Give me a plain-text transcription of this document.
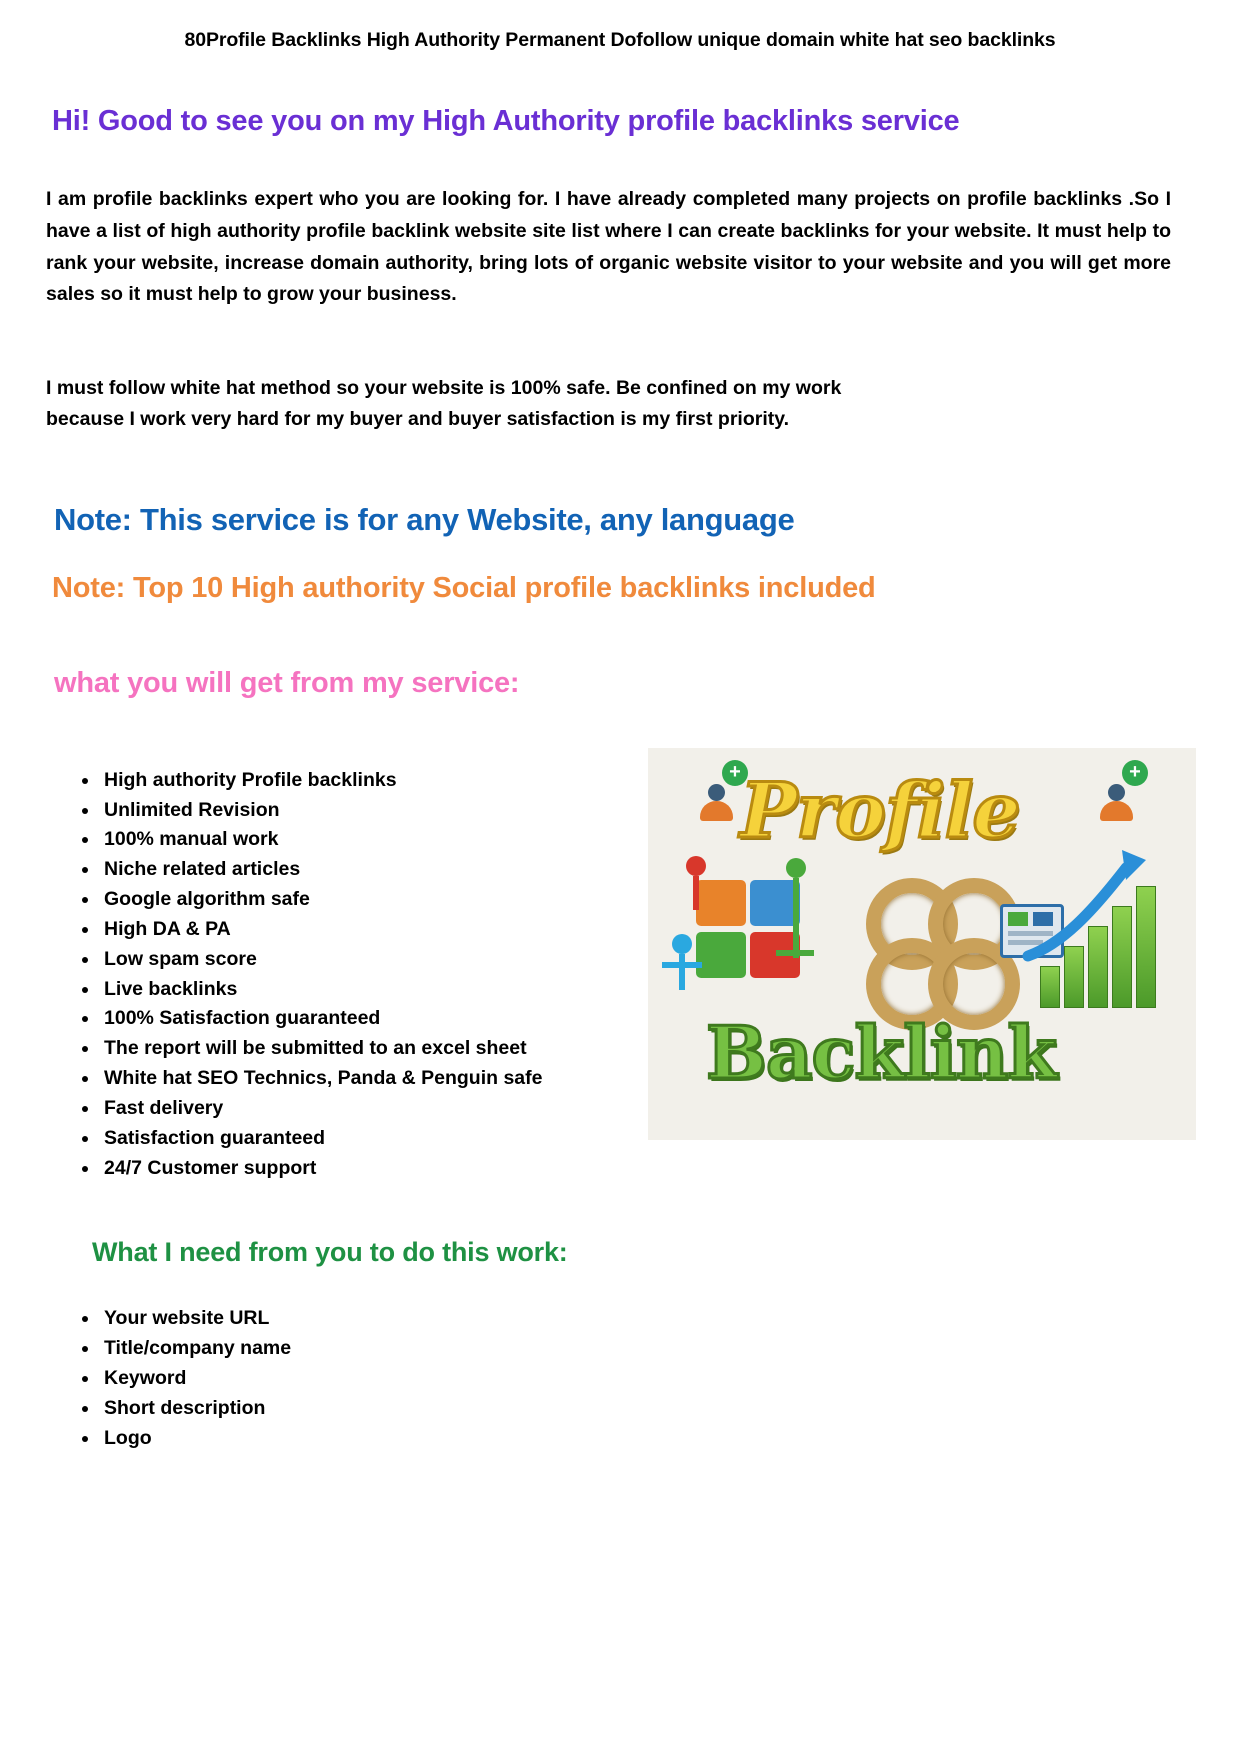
80Profile Backlinks High Authority Permanent Dofollow unique domain white hat seo backlinks
Hi! Good to see you on my High Authority profile backlinks service
I am profile backlinks expert who you are looking for. I have already completed many projects on profile backlinks .So I have a list of high authority profile backlink website site list where I can create backlinks for your website. It must help to rank your website, increase domain authority, bring lots of organic website visitor to your website and you will get more sales so it must help to grow your business.
I must follow white hat method so your website is 100% safe. Be confined on my work
because I work very hard for my buyer and buyer satisfaction is my first priority.
Note: This service is for any Website, any language
Note: Top 10 High authority Social profile backlinks included
what you will get from my service:
• High authority Profile backlinks
• Unlimited Revision
• 100% manual work
• Niche related articles
• Google algorithm safe
• High DA & PA
• Low spam score
• Live backlinks
• 100% Satisfaction guaranteed
• The report will be submitted to an excel sheet
• White hat SEO Technics, Panda & Penguin safe
• Fast delivery
• Satisfaction guaranteed
• 24/7 Customer support
+	+
Profile
Backlink
What I need from you to do this work:
• Your website URL
• Title/company name
• Keyword
• Short description
• Logo
